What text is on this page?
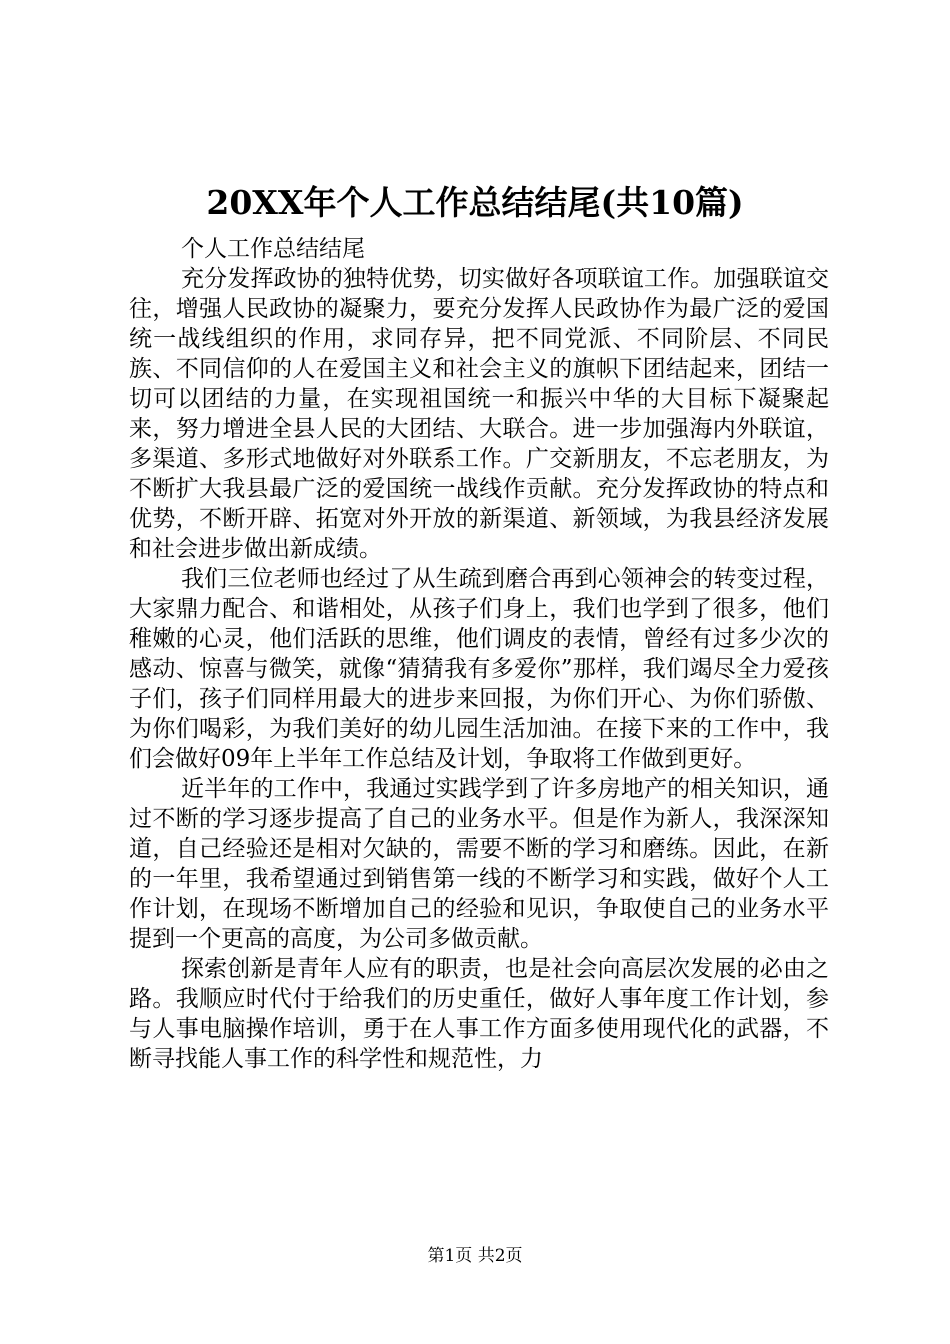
20XX年个人工作总结结尾(共10篇)

个人工作总结结尾

充分发挥政协的独特优势，切实做好各项联谊工作。加强联谊交往，增强人民政协的凝聚力，要充分发挥人民政协作为最广泛的爱国统一战线组织的作用，求同存异，把不同党派、不同阶层、不同民族、不同信仰的人在爱国主义和社会主义的旗帜下团结起来，团结一切可以团结的力量，在实现祖国统一和振兴中华的大目标下凝聚起来，努力增进全县人民的大团结、大联合。进一步加强海内外联谊，多渠道、多形式地做好对外联系工作。广交新朋友，不忘老朋友，为不断扩大我县最广泛的爱国统一战线作贡献。充分发挥政协的特点和优势，不断开辟、拓宽对外开放的新渠道、新领域，为我县经济发展和社会进步做出新成绩。

我们三位老师也经过了从生疏到磨合再到心领神会的转变过程，大家鼎力配合、和谐相处，从孩子们身上，我们也学到了很多，他们稚嫩的心灵，他们活跃的思维，他们调皮的表情，曾经有过多少次的感动、惊喜与微笑，就像“猜猜我有多爱你”那样，我们竭尽全力爱孩子们，孩子们同样用最大的进步来回报，为你们开心、为你们骄傲、为你们喝彩，为我们美好的幼儿园生活加油。在接下来的工作中，我们会做好09年上半年工作总结及计划，争取将工作做到更好。

近半年的工作中，我通过实践学到了许多房地产的相关知识，通过不断的学习逐步提高了自己的业务水平。但是作为新人，我深深知道，自己经验还是相对欠缺的，需要不断的学习和磨练。因此，在新的一年里，我希望通过到销售第一线的不断学习和实践，做好个人工作计划，在现场不断增加自己的经验和见识，争取使自己的业务水平提到一个更高的高度，为公司多做贡献。

探索创新是青年人应有的职责，也是社会向高层次发展的必由之路。我顺应时代付于给我们的历史重任，做好人事年度工作计划，参与人事电脑操作培训，勇于在人事工作方面多使用现代化的武器，不断寻找能人事工作的科学性和规范性，力

第1页 共2页
